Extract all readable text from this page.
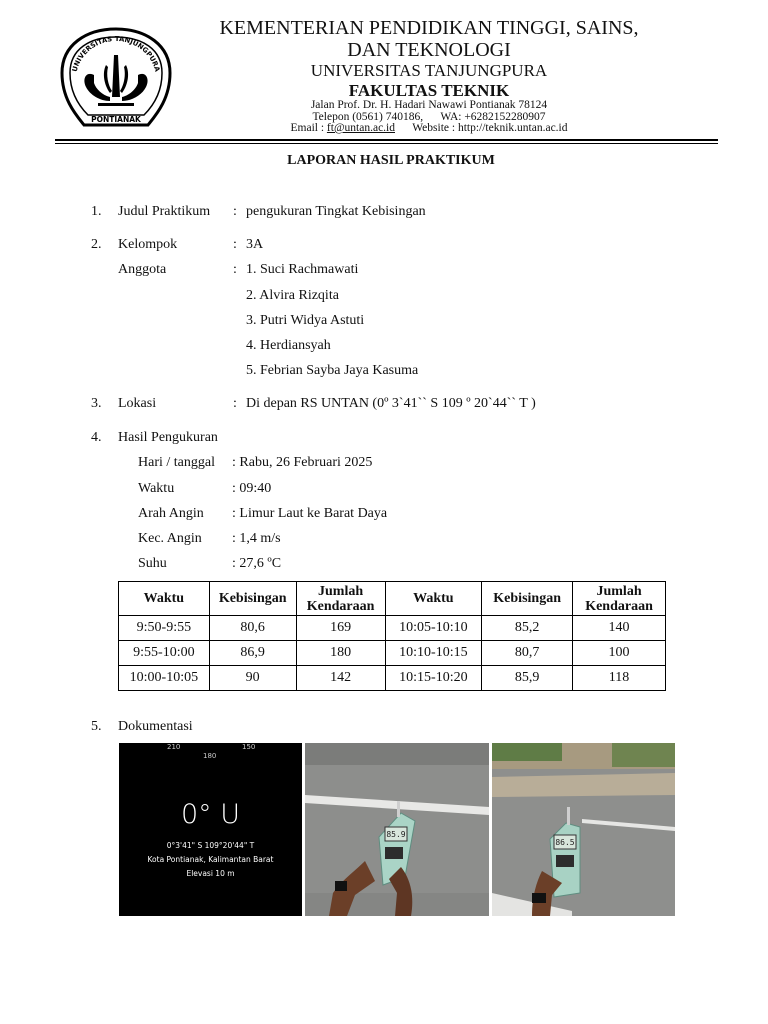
PONTIANAK
UNIVERSITAS TANJUNGPURA
KEMENTERIAN PENDIDIKAN TINGGI, SAINS,
DAN TEKNOLOGI
UNIVERSITAS TANJUNGPURA
FAKULTAS TEKNIK
Jalan Prof. Dr. H. Hadari Nawawi Pontianak 78124
Telepon (0561) 740186, WA: +6282152280907
Email : ft@untan.ac.id Website : http://teknik.untan.ac.id
LAPORAN HASIL PRAKTIKUM
1. Judul Praktikum : pengukuran Tingkat Kebisingan
2. Kelompok	: 3A
Anggota	: 1. Suci Rachmawati
2. Alvira Rizqita
3. Putri Widya Astuti
4. Herdiansyah
5. Febrian Sayba Jaya Kasuma
3. Lokasi	: Di depan RS UNTAN (0º 3`41`` S 109 º 20`44`` T )
4. Hasil Pengukuran
Hari / tanggal : Rabu, 26 Februari 2025
Waktu	: 09:40
Arah Angin : Limur Laut ke Barat Daya
Kec. Angin : 1,4 m/s
Suhu	: 27,6 ºC
Waktu	Kebisingan	Jumlah Kendaraan	Waktu	Kebisingan	Jumlah Kendaraan
9:50-9:55	80,6	169	10:05-10:10	85,2	140
9:55-10:00	86,9	180	10:10-10:15	80,7	100
10:00-10:05	90	142	10:15-10:20	85,9	118
5. Dokumentasi
210	150
180
0° U
0°3'41" S 109°20'44" T
Kota Pontianak, Kalimantan Barat
Elevasi 10 m
85.9
86.5
